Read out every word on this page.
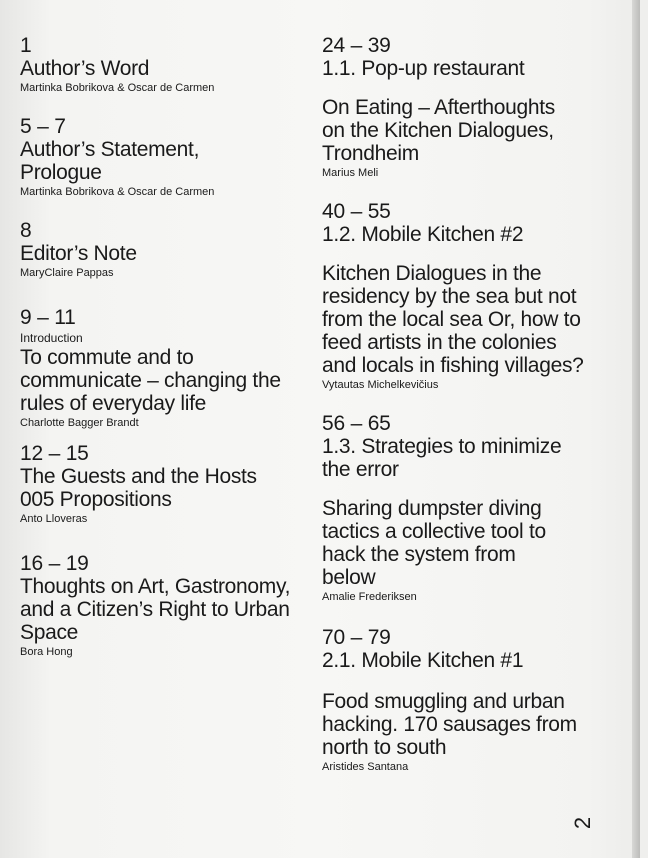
1
Author’s Word
Martinka Bobrikova & Oscar de Carmen
5 – 7
Author’s Statement, Prologue
Martinka Bobrikova & Oscar de Carmen
8
Editor’s Note
MaryClaire Pappas
9 – 11
Introduction
To commute and to communicate – changing the rules of everyday life
Charlotte Bagger Brandt
12 – 15
The Guests and the Hosts 005 Propositions
Anto Lloveras
16 – 19
Thoughts on Art, Gastronomy, and a Citizen’s Right to Urban Space
Bora Hong
24 – 39
1.1. Pop-up restaurant
On Eating – Afterthoughts on the Kitchen Dialogues, Trondheim
Marius Meli
40 – 55
1.2. Mobile Kitchen #2
Kitchen Dialogues in the residency by the sea but not from the local sea Or, how to feed artists in the colonies and locals in fishing villages?
Vytautas Michelkevičius
56 – 65
1.3. Strategies to minimize the error
Sharing dumpster diving tactics a collective tool to hack the system from below
Amalie Frederiksen
70 – 79
2.1. Mobile Kitchen #1
Food smuggling and urban hacking. 170 sausages from north to south
Aristides Santana
2
